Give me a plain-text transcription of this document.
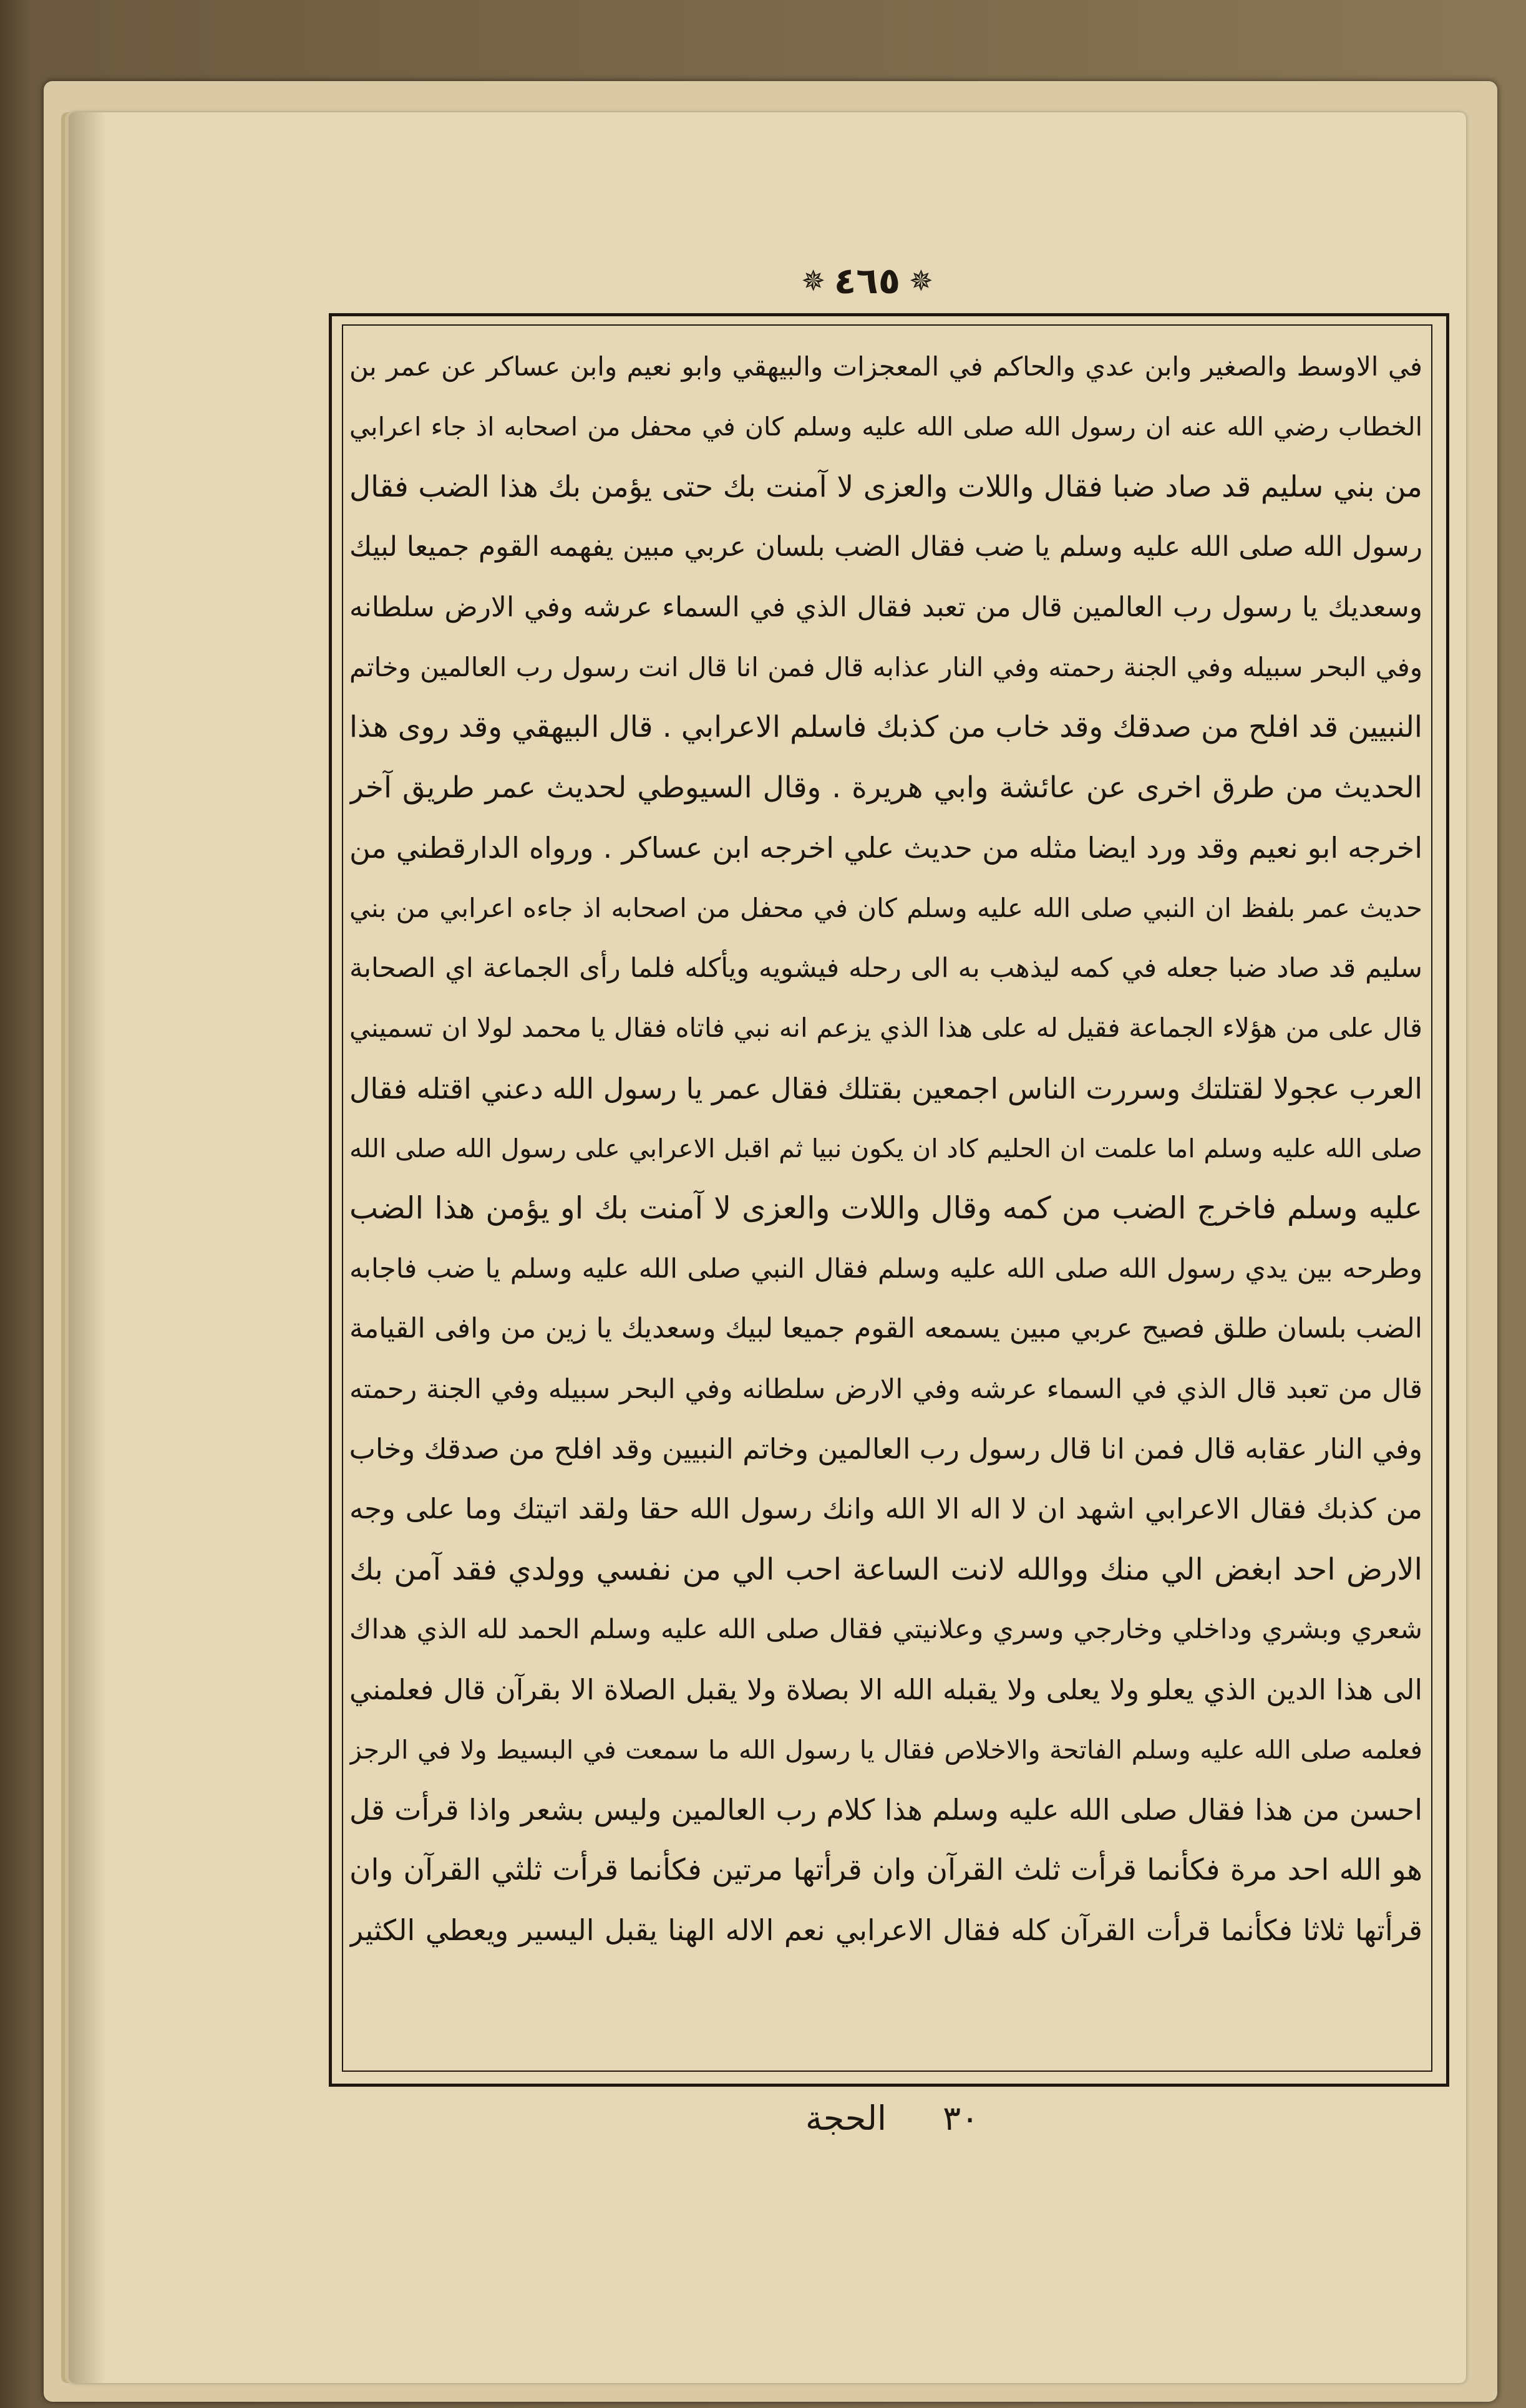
✵ ٤٦٥ ✵
في الاوسط والصغير وابن عدي والحاكم في المعجزات والبيهقي وابو نعيم وابن عساكر عن عمر بن
الخطاب رضي الله عنه ان رسول الله صلى الله عليه وسلم كان في محفل من اصحابه اذ جاء اعرابي
من بني سليم قد صاد ضبا فقال واللات والعزى لا آمنت بك حتى يؤمن بك هذا الضب فقال
رسول الله صلى الله عليه وسلم يا ضب فقال الضب بلسان عربي مبين يفهمه القوم جميعا لبيك
وسعديك يا رسول رب العالمين قال من تعبد فقال الذي في السماء عرشه وفي الارض سلطانه
وفي البحر سبيله وفي الجنة رحمته وفي النار عذابه قال فمن انا قال انت رسول رب العالمين وخاتم
النبيين قد افلح من صدقك وقد خاب من كذبك فاسلم الاعرابي . قال البيهقي وقد روى هذا
الحديث من طرق اخرى عن عائشة وابي هريرة . وقال السيوطي لحديث عمر طريق آخر
اخرجه ابو نعيم وقد ورد ايضا مثله من حديث علي اخرجه ابن عساكر . ورواه الدارقطني من
حديث عمر بلفظ ان النبي صلى الله عليه وسلم كان في محفل من اصحابه اذ جاءه اعرابي من بني
سليم قد صاد ضبا جعله في كمه ليذهب به الى رحله فيشويه ويأكله فلما رأى الجماعة اي الصحابة
قال على من هؤلاء الجماعة فقيل له على هذا الذي يزعم انه نبي فاتاه فقال يا محمد لولا ان تسميني
العرب عجولا لقتلتك وسررت الناس اجمعين بقتلك فقال عمر يا رسول الله دعني اقتله فقال
صلى الله عليه وسلم اما علمت ان الحليم كاد ان يكون نبيا ثم اقبل الاعرابي على رسول الله صلى الله
عليه وسلم فاخرج الضب من كمه وقال واللات والعزى لا آمنت بك او يؤمن هذا الضب
وطرحه بين يدي رسول الله صلى الله عليه وسلم فقال النبي صلى الله عليه وسلم يا ضب فاجابه
الضب بلسان طلق فصيح عربي مبين يسمعه القوم جميعا لبيك وسعديك يا زين من وافى القيامة
قال من تعبد قال الذي في السماء عرشه وفي الارض سلطانه وفي البحر سبيله وفي الجنة رحمته
وفي النار عقابه قال فمن انا قال رسول رب العالمين وخاتم النبيين وقد افلح من صدقك وخاب
من كذبك فقال الاعرابي اشهد ان لا اله الا الله وانك رسول الله حقا ولقد اتيتك وما على وجه
الارض احد ابغض الي منك ووالله لانت الساعة احب الي من نفسي وولدي فقد آمن بك
شعري وبشري وداخلي وخارجي وسري وعلانيتي فقال صلى الله عليه وسلم الحمد لله الذي هداك
الى هذا الدين الذي يعلو ولا يعلى ولا يقبله الله الا بصلاة ولا يقبل الصلاة الا بقرآن قال فعلمني
فعلمه صلى الله عليه وسلم الفاتحة والاخلاص فقال يا رسول الله ما سمعت في البسيط ولا في الرجز
احسن من هذا فقال صلى الله عليه وسلم هذا كلام رب العالمين وليس بشعر واذا قرأت قل
هو الله احد مرة فكأنما قرأت ثلث القرآن وان قرأتها مرتين فكأنما قرأت ثلثي القرآن وان
قرأتها ثلاثا فكأنما قرأت القرآن كله فقال الاعرابي نعم الاله الهنا يقبل اليسير ويعطي الكثير
٣٠
الحجة
